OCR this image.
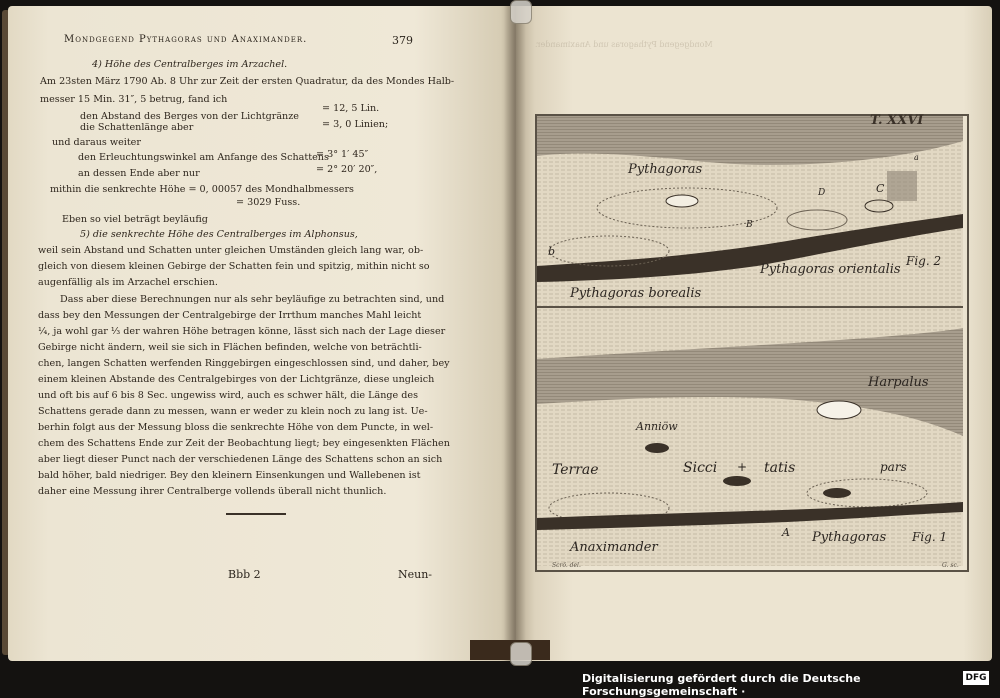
Mondgegend Pythagoras und Anaximander.
Mondgegend Pythagoras und Anaximander.	379
4) Höhe des Centralberges im Arzachel.
Am 23sten März 1790 Ab. 8 Uhr zur Zeit der ersten Quadratur, da des Mondes Halb-
messer 15 Min. 31″, 5 betrug, fand ich
den Abstand des Berges von der Lichtgränze
= 12, 5 Lin.
die Schattenlänge aber	= 3, 0 Linien;
und daraus weiter
den Erleuchtungswinkel am Anfange des Schattens
= 3° 1′ 45″
an dessen Ende aber nur	= 2° 20′ 20″,
mithin die senkrechte Höhe = 0, 00057 des Mondhalbmessers
= 3029 Fuss.
Eben so viel beträgt beyläufig
5) die senkrechte Höhe des Centralberges im Alphonsus,
weil sein Abstand und Schatten unter gleichen Umständen gleich lang war, ob-
gleich von diesem kleinen Gebirge der Schatten fein und spitzig, mithin nicht so
augenfällig als im Arzachel erschien.
Dass aber diese Berechnungen nur als sehr beyläufige zu betrachten sind, und
dass bey den Messungen der Centralgebirge der Irrthum manches Mahl leicht
¼, ja wohl gar ⅓ der wahren Höhe betragen könne, lässt sich nach der Lage dieser
Gebirge nicht ändern, weil sie sich in Flächen befinden, welche von beträchtli-
chen, langen Schatten werfenden Ringgebirgen eingeschlossen sind, und daher, bey
einem kleinen Abstande des Centralgebirges von der Lichtgränze, diese ungleich
und oft bis auf 6 bis 8 Sec. ungewiss wird, auch es schwer hält, die Länge des
Schattens gerade dann zu messen, wann er weder zu klein noch zu lang ist. Ue-
berhin folgt aus der Messung bloss die senkrechte Höhe von dem Puncte, in wel-
chem des Schattens Ende zur Zeit der Beobachtung liegt; bey eingesenkten Flächen
aber liegt dieser Punct nach der verschiedenen Länge des Schattens schon an sich
bald höher, bald niedriger. Bey den kleinern Einsenkungen und Wallebenen ist
daher eine Messung ihrer Centralberge vollends überall nicht thunlich.
Bbb 2	Neun-
T. XXVI
Pythagoras
b
C
D
a
B
Pythagoras orientalis
Pythagoras borealis
Fig. 2
Harpalus
Anniöw
Terrae	Sicci + tatis	pars
A
Anaximander
Pythagoras Fig. 1
Scrö. del.	G. sc.
Digitalisierung gefördert durch die Deutsche Forschungsgemeinschaft ·
DFG
